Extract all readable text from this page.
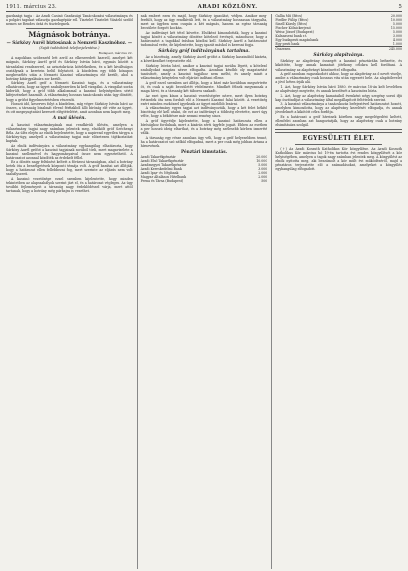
1911. március 23.	ARADI KÖZLÖNY.	5

gazdasági tagja : Az Aradi Casinó Gazdasági Tanácskozási választmánya és a polgári tagokat választja gazdagépiár ról. Tisztelet Tisztelet Vásárló szelíd nemes ne Rendes óráá és tisztelegnek.

Mágnások botránya.
— Sárközy Aurél biztosának a Nemzeti Kaszinóhoz. —
(Saját tudósítónk telefonjelentése.)
Budapest, március 22.

A napokban szóbeszéd lett arról az elkeseredett harcról, amelyet két mágnás, Sárközy Aurél gróf és Sárközy István báró, egymás között a társadalmi rendszerrel, az arisztokrácia kötelékeiben, és a két kiváltságos osztálynak a keretein belül folytatott. A küzdelem egy több hónapos megbeszélés után a Nemzeti Kaszinó választmánya elé került, ahol a botrány kitárgyalására sor került.

Sárközy Aurél gróf a Nemzeti Kaszinó tagja, és a választmány elhatározta, hogy az ügyet szabályszerűen ki kell vizsgálni. A vizsgálat során kiderült, hogy a gróf több alkalommal a kaszinó helyiségeiben sértő kifejezéseket használt. A választmány hosszas tanácskozás után úgy döntött, hogy a grófot figyelmeztetésben részesíti.

Hosszú idő, keserves folyt a küzdelem, míg végre Sárközy István báró az összes, a társaság bizalmát élvező férfiakból álló bíróság elé vitte az ügyet, és ott megnyugtatást keresett elégtételéért, amit azonban nem kapott meg.

A mai ülésén.

A kaszinó választmányának mai rendkívüli ülésén, amelyen a választmány tagjai nagy számban jelentek meg, elnökölt gróf Széchenyi Béla. Az ülés elején az elnök bejelentette, hogy a napirend egyetlen tárgya a Sárközy-ügy, amelyről a választmány tagjai már előzetesen tájékoztatást kaptak.

Az elnök indítványára a választmány egyhangúlag elhatározta, hogy Sárközy Aurél grófot a kaszinó tagjainak sorából törli, mert magaviselete a kaszinó szellemével és hagyományaival össze nem egyeztethető. A határozatot azonnal közölték az érdekelt féllel.

Ez a döntés nagy feltűnést keltett a fővárosi társaságban, ahol a botrány hetek óta a beszélgetések központi témája volt. A gróf barátai azt állítják, hogy a határozat ellen fellebbezni fog, mert szerinte az eljárás nem volt szabályszerű.

A kaszinó vezetősége ezzel szemben kijelentette, hogy minden tekintetben az alapszabályok szerint járt el, és a határozat végleges. Az ügy további fejleményeit a társaság nagy érdeklődéssel várja, mert attól tartanak, hogy a botrány még párbajra is vezethet.

nak embert ezen és majd, hogy Sárközy igazolást, védjen. Amikor meg-ferdült, hogy az ügy rendkívüli lett, és a választmány hosszasan tárgyalta, mert az ügyben nem csupán a két mágnás, hanem az egész társaság becsülete forgott kockán.

Az indítványt két tétel követte. Elsőként kimondották, hogy a kaszinó tagjai között a választmány döntése kötelező érvényű, másodszor, hogy a határozatot a tagokkal írásban közölni kell. Sárközy Aurél a határozatot tudomásul vette, de kijelentette, hogy igazát máshol is keresni fogja.

Sárközy gróf indítványának tartalma.

Az a bizottság, amely Sárközy Aurél grófot a Sárközy kaszinóból kizárta, a következőket terjesztette elő.

Sárközy István báró, amikor a kaszinó tagjai sorába lépett, a kötelező szabályokat magára nézve elfogadta. Azonban később oly magatartást tanúsított, amely a kaszinó tagjához nem méltó, és amely miatt a választmány kénytelen volt eljárást indítani ellene.

A gróf ezzel szemben azt állítja, hogy a báró már korábban megsértette őt, és csak a saját becsületét védelmezte. Mindkét félnek megvannak a maga hívei, és a társaság két táborra szakadt.

Az eset igen kínos a kaszinó vezetőségére nézve, mert ilyen botrány évtizedek óta nem fordult elő a Nemzeti Kaszinó falai között. A vezetőség ezért minden eszközzel igyekszik az ügyet mielőbb lezárni.

A választmány egyes tagjai azt indítványozták, hogy a két felet békítő bizottság elé kell utalni, de ezt az indítványt a többség elvetette, mert úgy vélte, hogy a békítésre már semmi remény sincs.

A gróf ügyvédje kijelentette, hogy a kaszinó határozata ellen a bírósághoz fordulnak, mert a kizárás sérti ügyfele jogait. Ebben az esetben a per hosszú ideig eltarthat, és a botrány még szélesebb körben ismertté válik.

A társaság egy része azonban úgy véli, hogy a gróf helyesebben tenné, ha a határozatot szó nélkül elfogadná, mert a per csak még jobban ártana a hírnevének.

Pénztári kimutatás.
Aradi Takarékpénztár	20.000
Aradi Első Takarékpénztár	10.000
Aradmegyei Takarékpénztár	5.000
Aradi Kereskedelmi Bank	3.000
Aradi Ipar- és Népbank	2.000
Magyar Általános Hitelbank	2.000
Perna és Társa (Budapest)	500
Gallia Mű (Bécs)	20.000
Fiedler Fülöp (Bécs)	10.000
Sinell Károly (Bécs)	5.000
Fischer Kölnickerjenó	15.000
Weisz József (Budapest)	5.000
Kalnasseni bank r.t.	3.000
Egy budapesti magánbank	4.000
Egy pesti bank	1.000
Összesen	245.000
Sárközy alapítványa.

Sárközy az alapítvány összegét a kaszinó pénztárába befizette, és kikötötte, hogy annak kamatait jótékony célokra kell fordítani. A választmány az alapítványt köszönettel elfogadta.

A gróf azonban ragaszkodott ahhoz, hogy az alapítvány az ő nevét viselje, amibe a választmány csak hosszas vita után egyezett bele. Az alapítólevelet a jövő héten írják alá.

1. Azt, hogy Sárközy István báró 1880. év március 18-án kelt levelében az alapítványt megtette, és annak kezelését a kaszinóra bízta.

2. Azt, hogy az alapítvány kamataiból évenként négy szegény sorsú ifjú kap ösztöndíjat a választmány által megállapított feltételek szerint.

3. A kaszinó választmánya a tanácskozás befejeztével határozatot hozott, amelyben kimondotta, hogy az alapítvány kezelését elfogadja, és annak jövedelmét a kikötött célra fordítja.

Ez a határozat a gróf híveinek körében nagy megelégedést keltett, ellenfelei azonban azt hangoztatják, hogy az alapítvány csak a botrány elsimítására szolgál.

EGYESÜLETI ÉLET.

(†) Az Aradi Kossuth Katholikus Kör közgyűlése. Az Aradi Kossuth Katholikus Kör március hó 19-én tartotta évi rendes közgyűlését a kör helyiségében, amelyen a tagok nagy számban jelentek meg. A közgyűlést az elnök nyitotta meg, aki beszámolt a kör múlt évi működéséről, majd a pénztáros terjesztette elő a számadásokat, amelyeket a közgyűlés egyhangúlag elfogadott.
